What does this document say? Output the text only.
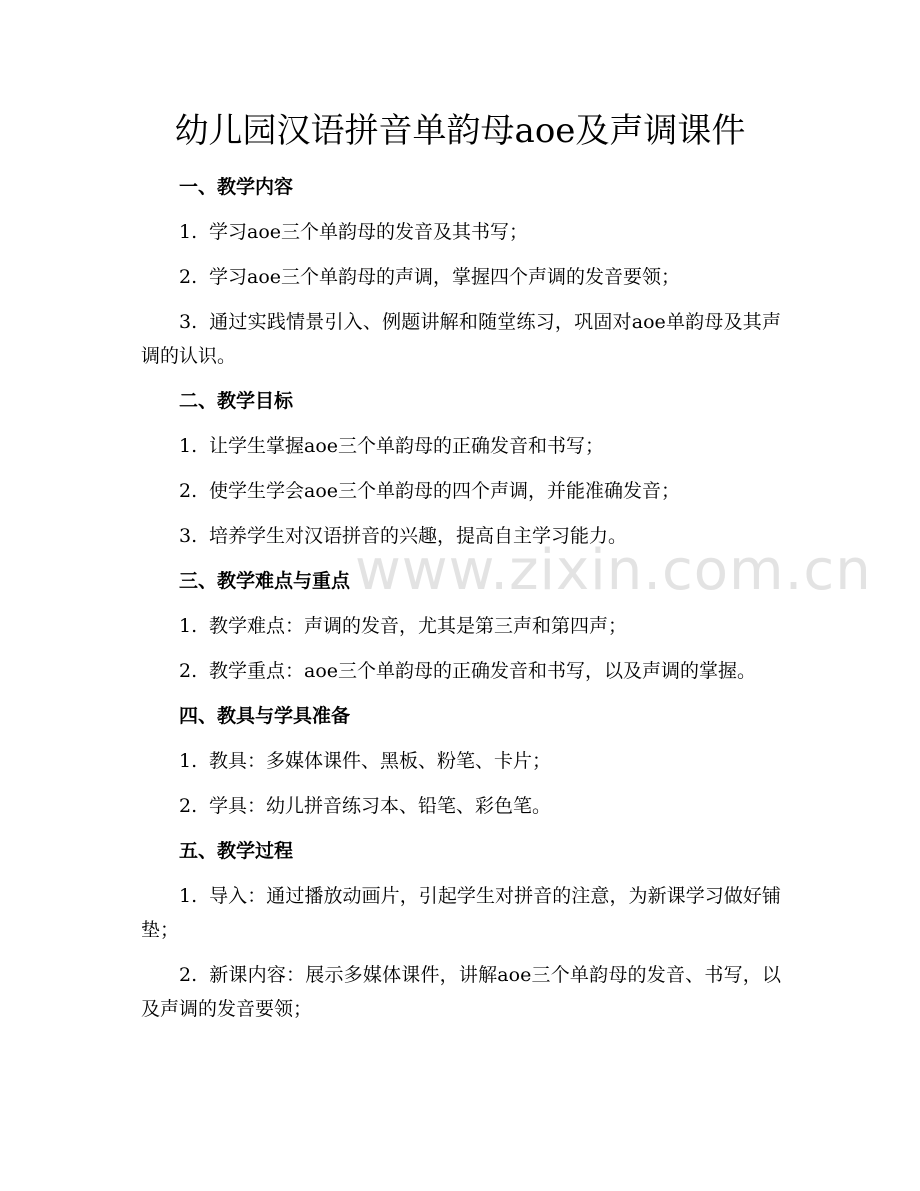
www.zixin.com.cn
幼儿园汉语拼音单韵母aoe及声调课件
一、教学内容

1. 学习aoe三个单韵母的发音及其书写；

2. 学习aoe三个单韵母的声调，掌握四个声调的发音要领；

3. 通过实践情景引入、例题讲解和随堂练习，巩固对aoe单韵母及其声调的认识。

二、教学目标

1. 让学生掌握aoe三个单韵母的正确发音和书写；

2. 使学生学会aoe三个单韵母的四个声调，并能准确发音；

3. 培养学生对汉语拼音的兴趣，提高自主学习能力。

三、教学难点与重点

1. 教学难点：声调的发音，尤其是第三声和第四声；

2. 教学重点：aoe三个单韵母的正确发音和书写，以及声调的掌握。

四、教具与学具准备

1. 教具：多媒体课件、黑板、粉笔、卡片；

2. 学具：幼儿拼音练习本、铅笔、彩色笔。

五、教学过程

1. 导入：通过播放动画片，引起学生对拼音的注意，为新课学习做好铺垫；

2. 新课内容：展示多媒体课件，讲解aoe三个单韵母的发音、书写，以及声调的发音要领；
